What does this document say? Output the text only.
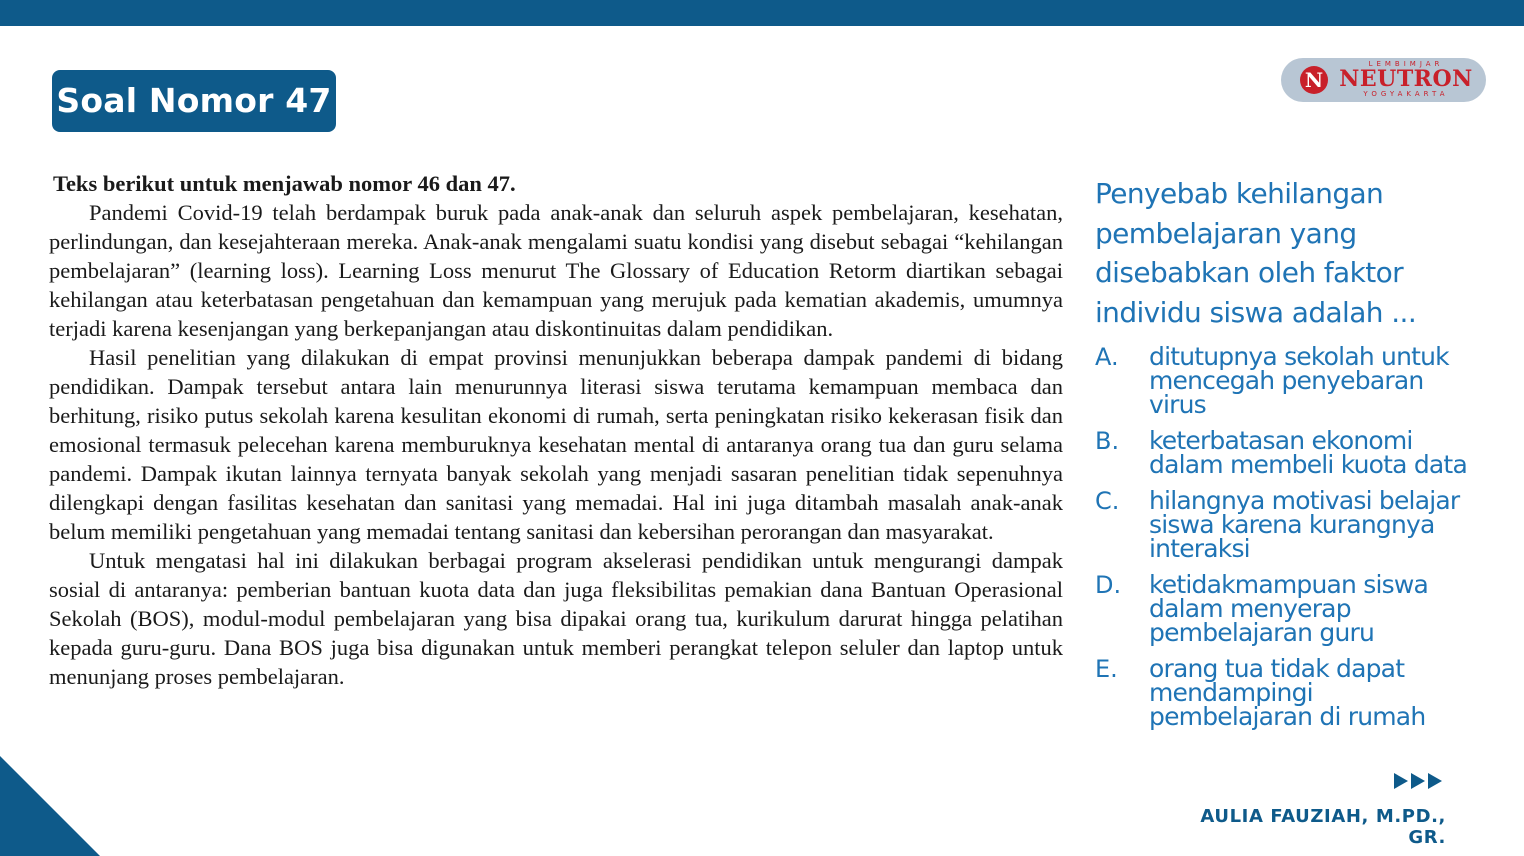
Soal Nomor 47
N
LEMBIMJAR
NEUTRON
YOGYAKARTA
Teks berikut untuk menjawab nomor 46 dan 47.

Pandemi Covid-19 telah berdampak buruk pada anak-anak dan seluruh aspek pembelajaran, kesehatan, perlindungan, dan kesejahteraan mereka. Anak-anak mengalami suatu kondisi yang disebut sebagai “kehilangan pembelajaran” (learning loss). Learning Loss menurut The Glossary of Education Retorm diartikan sebagai kehilangan atau keterbatasan pengetahuan dan kemampuan yang merujuk pada kematian akademis, umumnya terjadi karena kesenjangan yang berkepanjangan atau diskontinuitas dalam pendidikan.

Hasil penelitian yang dilakukan di empat provinsi menunjukkan beberapa dampak pandemi di bidang pendidikan. Dampak tersebut antara lain menurunnya literasi siswa terutama kemampuan membaca dan berhitung, risiko putus sekolah karena kesulitan ekonomi di rumah, serta peningkatan risiko kekerasan fisik dan emosional termasuk pelecehan karena memburuknya kesehatan mental di antaranya orang tua dan guru selama pandemi. Dampak ikutan lainnya ternyata banyak sekolah yang menjadi sasaran penelitian tidak sepenuhnya dilengkapi dengan fasilitas kesehatan dan sanitasi yang memadai. Hal ini juga ditambah masalah anak-anak belum memiliki pengetahuan yang memadai tentang sanitasi dan kebersihan perorangan dan masyarakat.

Untuk mengatasi hal ini dilakukan berbagai program akselerasi pendidikan untuk mengurangi dampak sosial di antaranya: pemberian bantuan kuota data dan juga fleksibilitas pemakian dana Bantuan Operasional Sekolah (BOS), modul-modul pembelajaran yang bisa dipakai orang tua, kurikulum darurat hingga pelatihan kepada guru-guru. Dana BOS juga bisa digunakan untuk memberi perangkat telepon seluler dan laptop untuk menunjang proses pembelajaran.

Penyebab kehilangan pembelajaran yang disebabkan oleh faktor individu siswa adalah ...
A.	ditutupnya sekolah untuk mencegah penyebaran virus
B.	keterbatasan ekonomi dalam membeli kuota data
C.	hilangnya motivasi belajar siswa karena kurangnya interaksi
D.	ketidakmampuan siswa dalam menyerap pembelajaran guru
E.	orang tua tidak dapat mendampingi pembelajaran di rumah
AULIA FAUZIAH, M.PD., GR.
